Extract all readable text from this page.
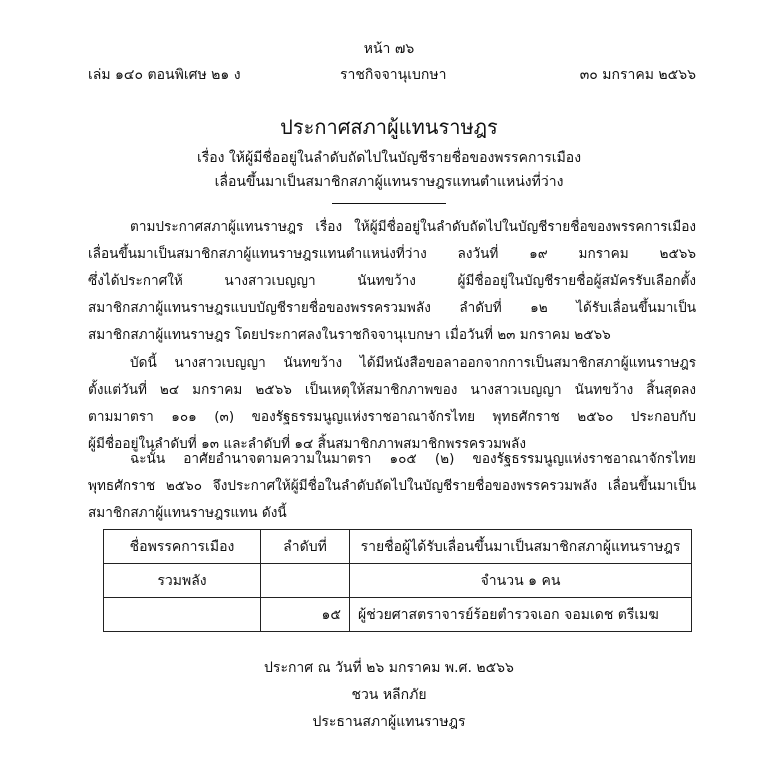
หน้า ๗๖
เล่ม ๑๔๐ ตอนพิเศษ ๒๑ ง	ราชกิจจานุเบกษา	๓๐ มกราคม ๒๕๖๖
ประกาศสภาผู้แทนราษฎร
เรื่อง ให้ผู้มีชื่ออยู่ในลำดับถัดไปในบัญชีรายชื่อของพรรคการเมือง
เลื่อนขึ้นมาเป็นสมาชิกสภาผู้แทนราษฎรแทนตำแหน่งที่ว่าง
ตามประกาศสภาผู้แทนราษฎร เรื่อง ให้ผู้มีชื่ออยู่ในลำดับถัดไปในบัญชีรายชื่อของพรรคการเมือง
เลื่อนขึ้นมาเป็นสมาชิกสภาผู้แทนราษฎรแทนตำแหน่งที่ว่าง ลงวันที่ ๑๙ มกราคม ๒๕๖๖
ซึ่งได้ประกาศให้ นางสาวเบญญา นันทขว้าง ผู้มีชื่ออยู่ในบัญชีรายชื่อผู้สมัครรับเลือกตั้ง
สมาชิกสภาผู้แทนราษฎรแบบบัญชีรายชื่อของพรรครวมพลัง ลำดับที่ ๑๒ ได้รับเลื่อนขึ้นมาเป็น
สมาชิกสภาผู้แทนราษฎร โดยประกาศลงในราชกิจจานุเบกษา เมื่อวันที่ ๒๓ มกราคม ๒๕๖๖
บัดนี้ นางสาวเบญญา นันทขว้าง ได้มีหนังสือขอลาออกจากการเป็นสมาชิกสภาผู้แทนราษฎร
ตั้งแต่วันที่ ๒๔ มกราคม ๒๕๖๖ เป็นเหตุให้สมาชิกภาพของ นางสาวเบญญา นันทขว้าง สิ้นสุดลง
ตามมาตรา ๑๐๑ (๓) ของรัฐธรรมนูญแห่งราชอาณาจักรไทย พุทธศักราช ๒๕๖๐ ประกอบกับ
ผู้มีชื่ออยู่ในลำดับที่ ๑๓ และลำดับที่ ๑๔ สิ้นสมาชิกภาพสมาชิกพรรครวมพลัง
ฉะนั้น อาศัยอำนาจตามความในมาตรา ๑๐๕ (๒) ของรัฐธรรมนูญแห่งราชอาณาจักรไทย
พุทธศักราช ๒๕๖๐ จึงประกาศให้ผู้มีชื่อในลำดับถัดไปในบัญชีรายชื่อของพรรครวมพลัง เลื่อนขึ้นมาเป็น
สมาชิกสภาผู้แทนราษฎรแทน ดังนี้
ชื่อพรรคการเมือง	ลำดับที่	รายชื่อผู้ได้รับเลื่อนขึ้นมาเป็นสมาชิกสภาผู้แทนราษฎร
รวมพลัง		จำนวน ๑ คน
	๑๕	ผู้ช่วยศาสตราจารย์ร้อยตำรวจเอก จอมเดช ตรีเมฆ
ประกาศ ณ วันที่ ๒๖ มกราคม พ.ศ. ๒๕๖๖
ชวน หลีกภัย
ประธานสภาผู้แทนราษฎร
